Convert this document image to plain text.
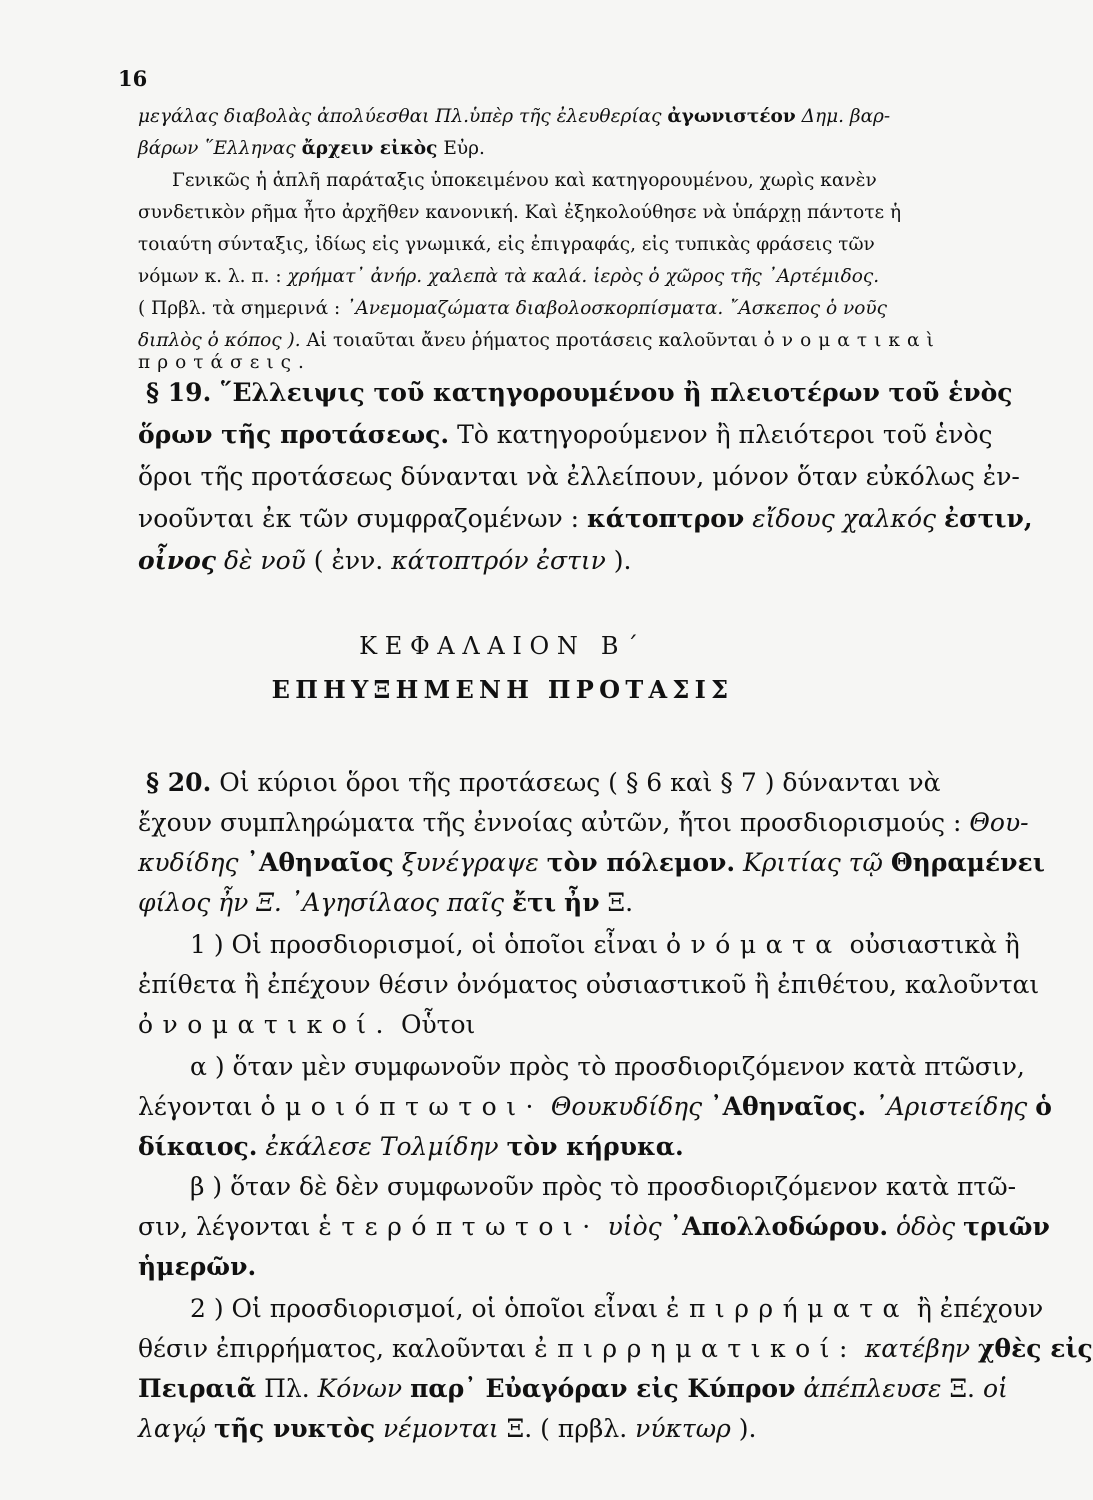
16
μεγάλας διαβολὰς ἀπολύεσθαι Πλ.ὑπὲρ τῆς ἐλευθερίας ἀγωνιστέον Δημ. βαρ-
βάρων ῞Ελληνας ἄρχειν εἰκὸς Εὐρ.
Γενικῶς ἡ ἁπλῆ παράταξις ὑποκειμένου καὶ κατηγορουμένου, χωρὶς κανὲν
συνδετικὸν ρῆμα ἦτο ἀρχῆθεν κανονική. Καὶ ἐξηκολούθησε νὰ ὑπάρχῃ πάντοτε ἡ
τοιαύτη σύνταξις, ἰδίως εἰς γνωμικά, εἰς ἐπιγραφάς, εἰς τυπικὰς φράσεις τῶν
νόμων κ. λ. π. : χρήματ᾿ ἀνήρ. χαλεπὰ τὰ καλά. ἱερὸς ὁ χῶρος τῆς ᾿Αρτέμιδος.
( Πρβλ. τὰ σημερινά : ᾿Ανεμομαζώματα διαβολοσκορπίσματα. ῎Ασκεπος ὁ νοῦς
διπλὸς ὁ κόπος ). Αἱ τοιαῦται ἄνευ ῥήματος προτάσεις καλοῦνται ὀνοματικαὶ
προτάσεις.
§ 19. ῞Ελλειψις τοῦ κατηγορουμένου ἢ πλειοτέρων τοῦ ἑνὸς
ὅρων τῆς προτάσεως. Τὸ κατηγορούμενον ἢ πλειότεροι τοῦ ἑνὸς
ὅροι τῆς προτάσεως δύνανται νὰ ἐλλείπουν, μόνον ὅταν εὐκόλως ἐν-
νοοῦνται ἐκ τῶν συμφραζομένων : κάτοπτρον εἴδους χαλκός ἐστιν,
οἶνος δὲ νοῦ ( ἐνν. κάτοπτρόν ἐστιν ).
ΚΕΦΑΛΑΙΟΝ Β΄
ΕΠΗΥΞΗΜΕΝΗ ΠΡΟΤΑΣΙΣ
§ 20. Οἱ κύριοι ὅροι τῆς προτάσεως ( § 6 καὶ § 7 ) δύνανται νὰ
ἔχουν συμπληρώματα τῆς ἐννοίας αὐτῶν, ἤτοι προσδιορισμούς : Θου-
κυδίδης ᾿Αθηναῖος ξυνέγραψε τὸν πόλεμον. Κριτίας τῷ Θηραμένει
φίλος ἦν Ξ. ᾿Αγησίλαος παῖς ἔτι ἦν Ξ.
1 ) Οἱ προσδιορισμοί, οἱ ὁποῖοι εἶναι ὀνόματα οὐσιαστικὰ ἢ
ἐπίθετα ἢ ἐπέχουν θέσιν ὀνόματος οὐσιαστικοῦ ἢ ἐπιθέτου, καλοῦνται
ὀνοματικοί. Οὗτοι
α ) ὅταν μὲν συμφωνοῦν πρὸς τὸ προσδιοριζόμενον κατὰ πτῶσιν,
λέγονται ὁμοιόπτωτοι· Θουκυδίδης ᾿Αθηναῖος. ᾿Αριστείδης ὁ
δίκαιος. ἐκάλεσε Τολμίδην τὸν κήρυκα.
β ) ὅταν δὲ δὲν συμφωνοῦν πρὸς τὸ προσδιοριζόμενον κατὰ πτῶ-
σιν, λέγονται ἑτερόπτωτοι· υἱὸς ᾿Απολλοδώρου. ὁδὸς τριῶν
ἡμερῶν.
2 ) Οἱ προσδιορισμοί, οἱ ὁποῖοι εἶναι ἐπιρρήματα ἢ ἐπέχουν
θέσιν ἐπιρρήματος, καλοῦνται ἐπιρρηματικοί: κατέβην χθὲς εἰς
Πειραιᾶ Πλ. Κόνων παρ᾿ Εὐαγόραν εἰς Κύπρον ἀπέπλευσε Ξ. οἱ
λαγῴ τῆς νυκτὸς νέμονται Ξ. ( πρβλ. νύκτωρ ).
